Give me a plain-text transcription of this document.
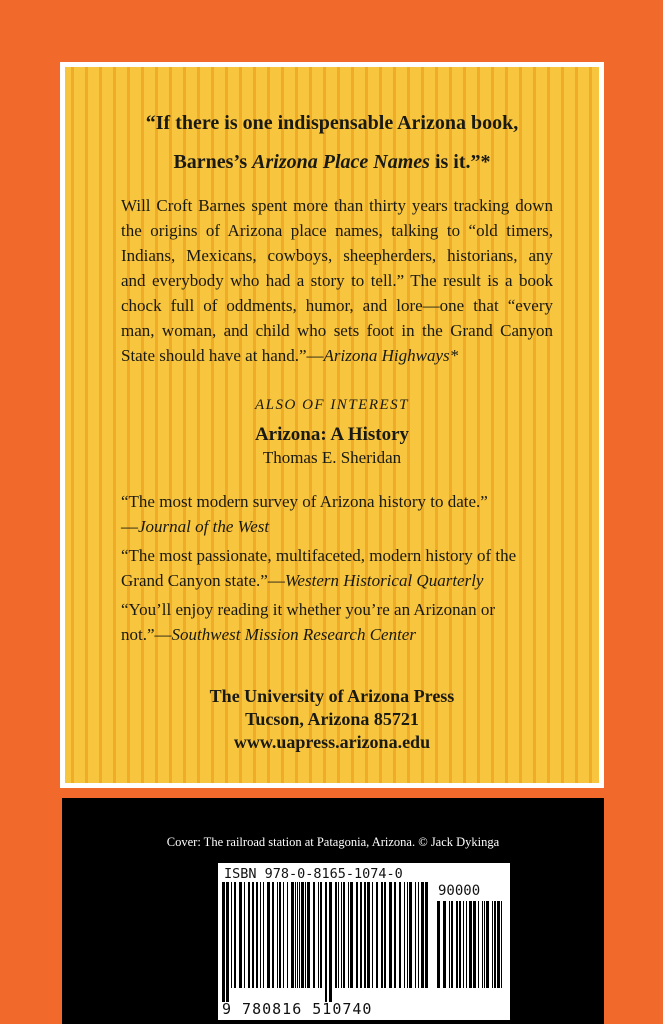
“If there is one indispensable Arizona book,

Barnes’s Arizona Place Names is it.”*

Will Croft Barnes spent more than thirty years tracking down
the origins of Arizona place names, talking to “old timers,
Indians, Mexicans, cowboys, sheepherders, historians, any
and everybody who had a story to tell.” The result is a book
chock full of oddments, humor, and lore—one that “every
man, woman, and child who sets foot in the Grand Canyon
State should have at hand.”—Arizona Highways*

ALSO OF INTEREST

Arizona: A History

Thomas E. Sheridan

“The most modern survey of Arizona history to date.”
—Journal of the West
“The most passionate, multifaceted, modern history of the
Grand Canyon state.”—Western Historical Quarterly
“You’ll enjoy reading it whether you’re an Arizonan or
not.”—Southwest Mission Research Center
The University of Arizona Press
Tucson, Arizona 85721
www.uapress.arizona.edu
Cover: The railroad station at Patagonia, Arizona. © Jack Dykinga
ISBN 978-0-8165-1074-0
90000
9 780816 510740
